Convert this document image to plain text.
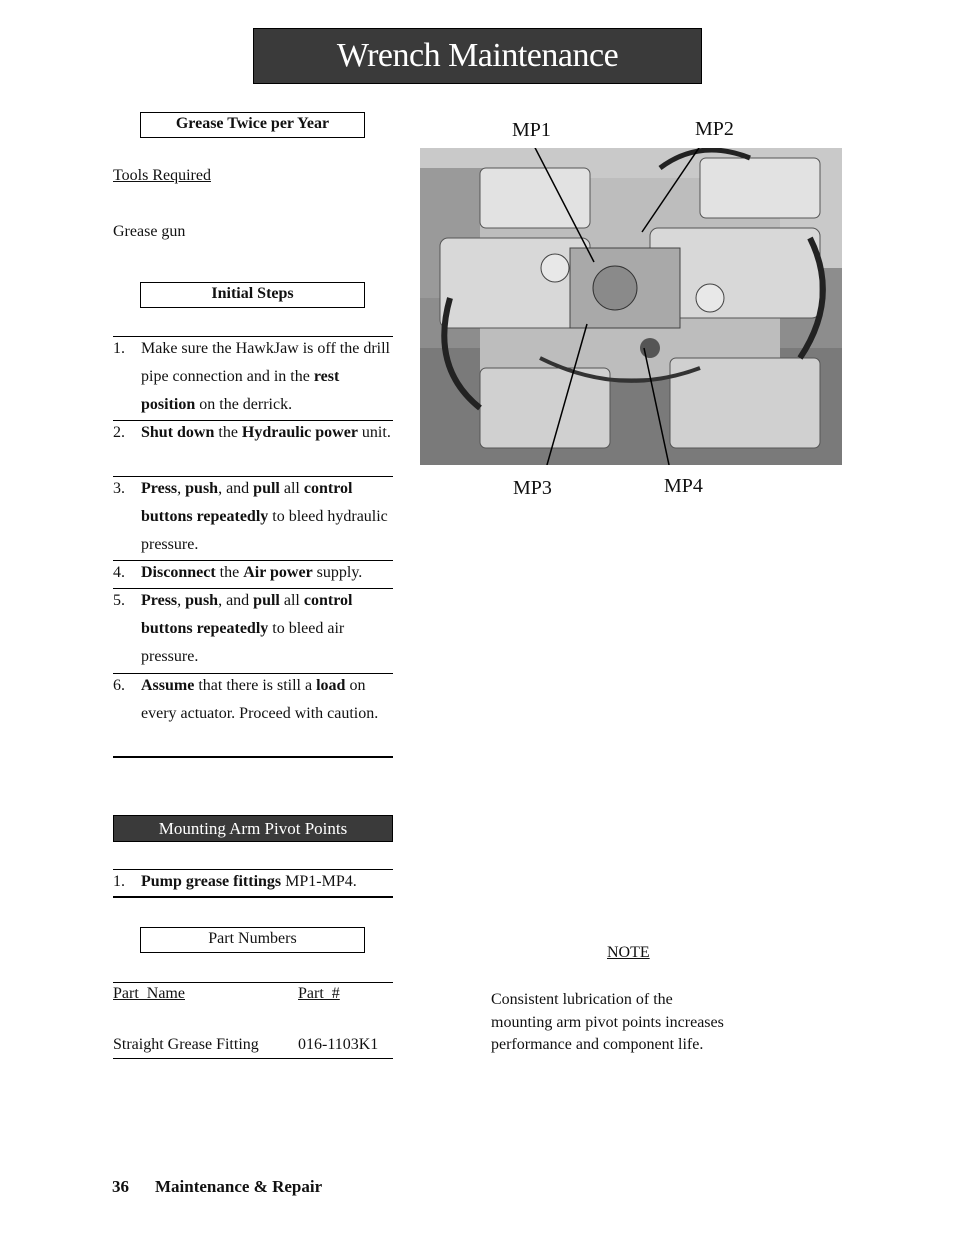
Wrench Maintenance
Grease Twice per Year
Tools Required
Grease gun
Initial Steps
1. Make sure the HawkJaw is off the drill pipe connection and in the rest position on the derrick.
2. Shut down the Hydraulic power unit.
3. Press, push, and pull all control buttons repeatedly to bleed hydraulic pressure.
4. Disconnect the Air power supply.
5. Press, push, and pull all control buttons repeatedly to bleed air pressure.
6. Assume that there is still a load on every actuator. Proceed with caution.
Mounting Arm Pivot Points
1. Pump grease fittings MP1-MP4.
Part Numbers
Part  Name	Part  #
Straight Grease Fitting 016-1103K1
MP1	MP2
MP3	MP4
NOTE
Consistent lubrication of the
mounting arm pivot points increases
performance and component life.
36 Maintenance & Repair
